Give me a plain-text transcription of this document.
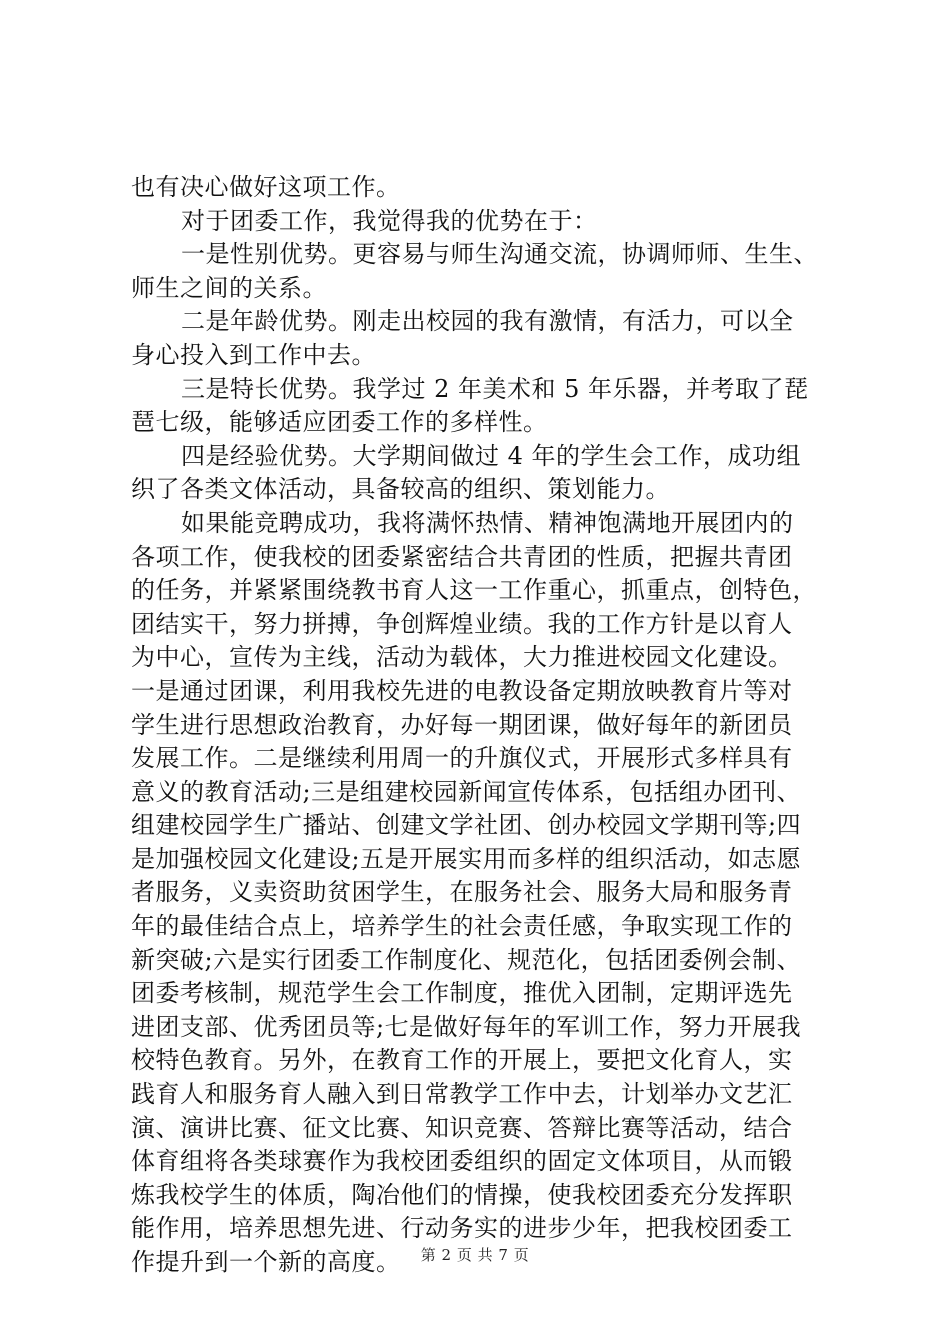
也有决心做好这项工作。
对于团委工作，我觉得我的优势在于：
一是性别优势。更容易与师生沟通交流，协调师师、生生、
师生之间的关系。
二是年龄优势。刚走出校园的我有激情，有活力，可以全
身心投入到工作中去。
三是特长优势。我学过 2 年美术和 5 年乐器，并考取了琵
琶七级，能够适应团委工作的多样性。
四是经验优势。大学期间做过 4 年的学生会工作，成功组
织了各类文体活动，具备较高的组织、策划能力。
如果能竞聘成功，我将满怀热情、精神饱满地开展团内的
各项工作，使我校的团委紧密结合共青团的性质，把握共青团
的任务，并紧紧围绕教书育人这一工作重心，抓重点，创特色，
团结实干，努力拼搏，争创辉煌业绩。我的工作方针是以育人
为中心，宣传为主线，活动为载体，大力推进校园文化建设。
一是通过团课，利用我校先进的电教设备定期放映教育片等对
学生进行思想政治教育，办好每一期团课，做好每年的新团员
发展工作。二是继续利用周一的升旗仪式，开展形式多样具有
意义的教育活动;三是组建校园新闻宣传体系，包括组办团刊、
组建校园学生广播站、创建文学社团、创办校园文学期刊等;四
是加强校园文化建设;五是开展实用而多样的组织活动，如志愿
者服务，义卖资助贫困学生，在服务社会、服务大局和服务青
年的最佳结合点上，培养学生的社会责任感，争取实现工作的
新突破;六是实行团委工作制度化、规范化，包括团委例会制、
团委考核制，规范学生会工作制度，推优入团制，定期评选先
进团支部、优秀团员等;七是做好每年的军训工作，努力开展我
校特色教育。另外，在教育工作的开展上，要把文化育人，实
践育人和服务育人融入到日常教学工作中去，计划举办文艺汇
演、演讲比赛、征文比赛、知识竞赛、答辩比赛等活动，结合
体育组将各类球赛作为我校团委组织的固定文体项目，从而锻
炼我校学生的体质，陶冶他们的情操，使我校团委充分发挥职
能作用，培养思想先进、行动务实的进步少年，把我校团委工
作提升到一个新的高度。	第 2 页 共 7 页
